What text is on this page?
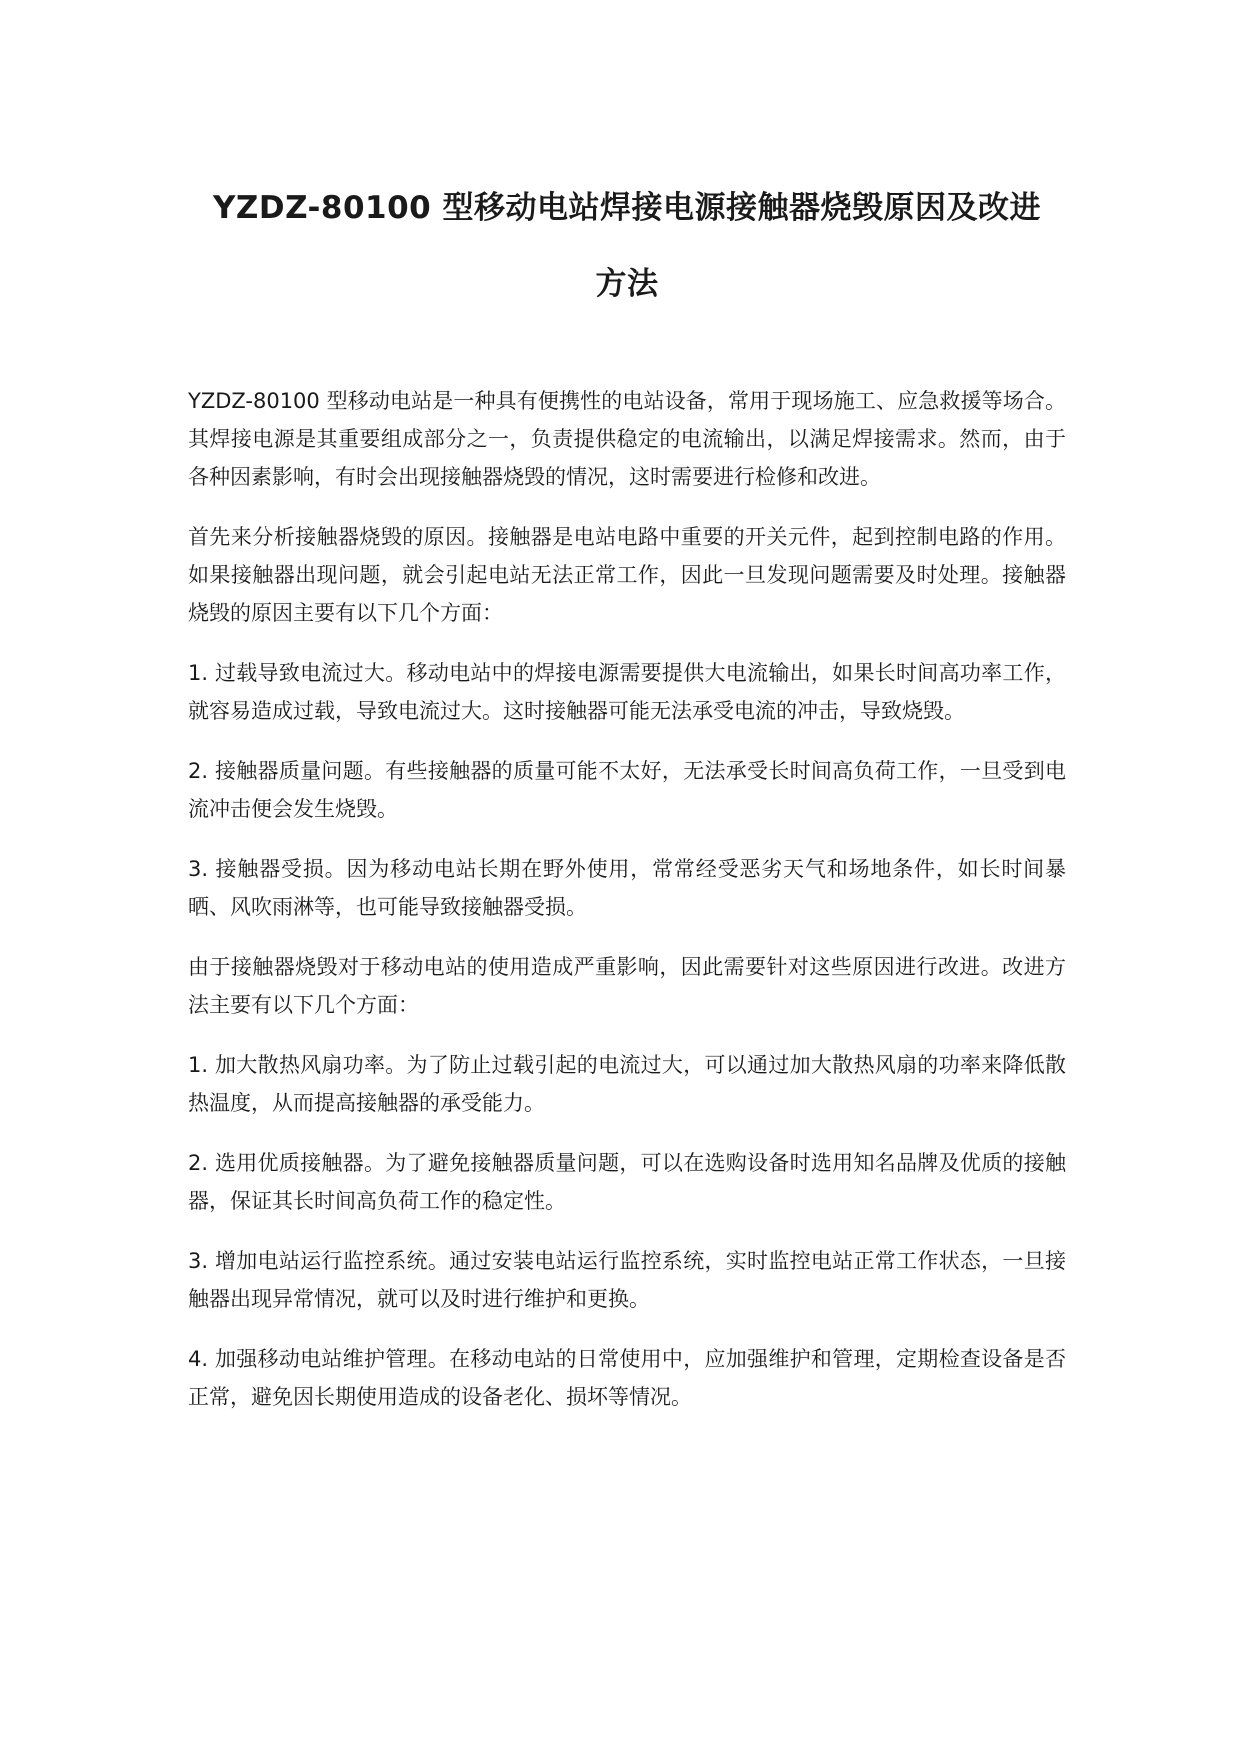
YZDZ-80100 型移动电站焊接电源接触器烧毁原因及改进
方法

YZDZ-80100 型移动电站是一种具有便携性的电站设备，常用于现场施工、应急救援等场合。其焊接电源是其重要组成部分之一，负责提供稳定的电流输出，以满足焊接需求。然而，由于各种因素影响，有时会出现接触器烧毁的情况，这时需要进行检修和改进。

首先来分析接触器烧毁的原因。接触器是电站电路中重要的开关元件，起到控制电路的作用。如果接触器出现问题，就会引起电站无法正常工作，因此一旦发现问题需要及时处理。接触器烧毁的原因主要有以下几个方面：

1. 过载导致电流过大。移动电站中的焊接电源需要提供大电流输出，如果长时间高功率工作，就容易造成过载，导致电流过大。这时接触器可能无法承受电流的冲击，导致烧毁。

2. 接触器质量问题。有些接触器的质量可能不太好，无法承受长时间高负荷工作，一旦受到电流冲击便会发生烧毁。

3. 接触器受损。因为移动电站长期在野外使用，常常经受恶劣天气和场地条件，如长时间暴晒、风吹雨淋等，也可能导致接触器受损。

由于接触器烧毁对于移动电站的使用造成严重影响，因此需要针对这些原因进行改进。改进方法主要有以下几个方面：

1. 加大散热风扇功率。为了防止过载引起的电流过大，可以通过加大散热风扇的功率来降低散热温度，从而提高接触器的承受能力。

2. 选用优质接触器。为了避免接触器质量问题，可以在选购设备时选用知名品牌及优质的接触器，保证其长时间高负荷工作的稳定性。

3. 增加电站运行监控系统。通过安装电站运行监控系统，实时监控电站正常工作状态，一旦接触器出现异常情况，就可以及时进行维护和更换。

4. 加强移动电站维护管理。在移动电站的日常使用中，应加强维护和管理，定期检查设备是否正常，避免因长期使用造成的设备老化、损坏等情况。
